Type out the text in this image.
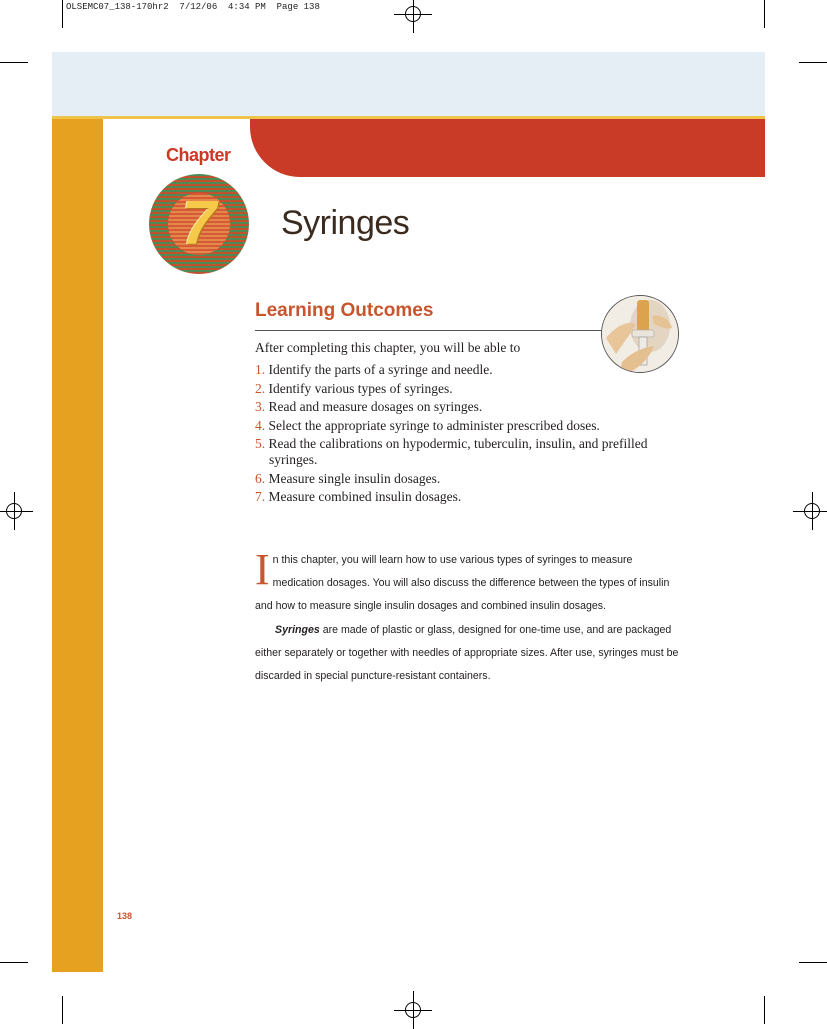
OLSEMC07_138-170hr2  7/12/06  4:34 PM  Page 138
Chapter
7	Syringes
Learning Outcomes
After completing this chapter, you will be able to
1. Identify the parts of a syringe and needle.
2. Identify various types of syringes.
3. Read and measure dosages on syringes.
4. Select the appropriate syringe to administer prescribed doses.
5. Read the calibrations on hypodermic, tuberculin, insulin, and prefilled syringes.
6. Measure single insulin dosages.
7. Measure combined insulin dosages.

In this chapter, you will learn how to use various types of syringes to measure medication dosages. You will also discuss the difference between the types of insulin and how to measure single insulin dosages and combined insulin dosages.

Syringes are made of plastic or glass, designed for one-time use, and are packaged either separately or together with needles of appropriate sizes. After use, syringes must be discarded in special puncture-resistant containers.

138
